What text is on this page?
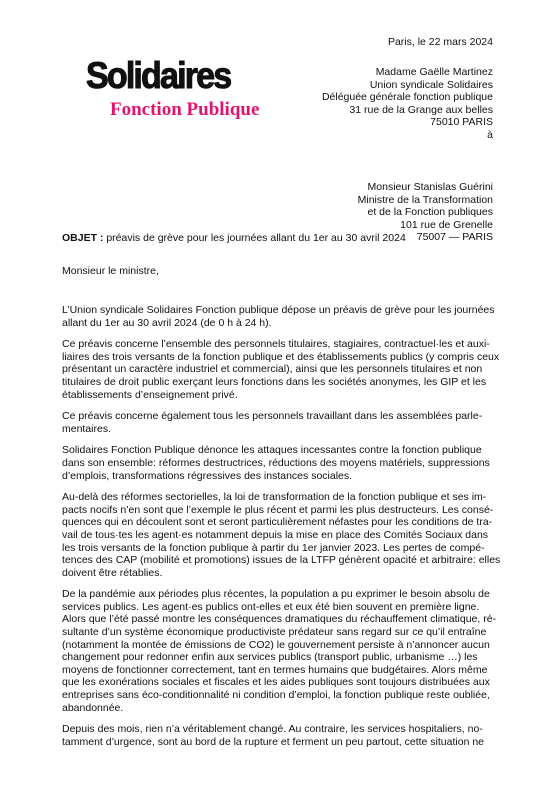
Paris, le 22 mars 2024
Solidaires
Fonction Publique
Madame Gaëlle Martinez
Union syndicale Solidaires
Déléguée générale fonction publique
31 rue de la Grange aux belles
75010 PARIS
à
Monsieur Stanislas Guérini
Ministre de la Transformation
et de la Fonction publiques
101 rue de Grenelle
75007 — PARIS
OBJET : préavis de grève pour les journées allant du 1er au 30 avril 2024
Monsieur le ministre,
L’Union syndicale Solidaires Fonction publique dépose un préavis de grève pour les journées
allant du 1er au 30 avril 2024 (de 0 h à 24 h).
Ce préavis concerne l’ensemble des personnels titulaires, stagiaires, contractuel·les et auxi-
liaires des trois versants de la fonction publique et des établissements publics (y compris ceux
présentant un caractère industriel et commercial), ainsi que les personnels titulaires et non
titulaires de droit public exerçant leurs fonctions dans les sociétés anonymes, les GIP et les
établissements d’enseignement privé.
Ce préavis concerne également tous les personnels travaillant dans les assemblées parle-
mentaires.
Solidaires Fonction Publique dénonce les attaques incessantes contre la fonction publique
dans son ensemble: réformes destructrices, réductions des moyens matériels, suppressions
d’emplois, transformations régressives des instances sociales.
Au-delà des réformes sectorielles, la loi de transformation de la fonction publique et ses im-
pacts nocifs n’en sont que l’exemple le plus récent et parmi les plus destructeurs. Les consé-
quences qui en découlent sont et seront particulièrement néfastes pour les conditions de tra-
vail de tous·tes les agent·es notamment depuis la mise en place des Comités Sociaux dans
les trois versants de la fonction publique à partir du 1er janvier 2023. Les pertes de compé-
tences des CAP (mobilité et promotions) issues de la LTFP génèrent opacité et arbitraire: elles
doivent être rétablies.
De la pandémie aux périodes plus récentes, la population a pu exprimer le besoin absolu de
services publics. Les agent·es publics ont-elles et eux été bien souvent en première ligne.
Alors que l’été passé montre les conséquences dramatiques du réchauffement climatique, ré-
sultante d’un système économique productiviste prédateur sans regard sur ce qu’il entraîne
(notamment la montée de émissions de CO2) le gouvernement persiste à n’annoncer aucun
changement pour redonner enfin aux services publics (transport public, urbanisme …) les
moyens de fonctionner correctement, tant en termes humains que budgétaires. Alors même
que les exonérations sociales et fiscales et les aides publiques sont toujours distribuées aux
entreprises sans éco-conditionnalité ni condition d’emploi, la fonction publique reste oubliée,
abandonnée.
Depuis des mois, rien n’a véritablement changé. Au contraire, les services hospitaliers, no-
tamment d’urgence, sont au bord de la rupture et ferment un peu partout, cette situation ne
